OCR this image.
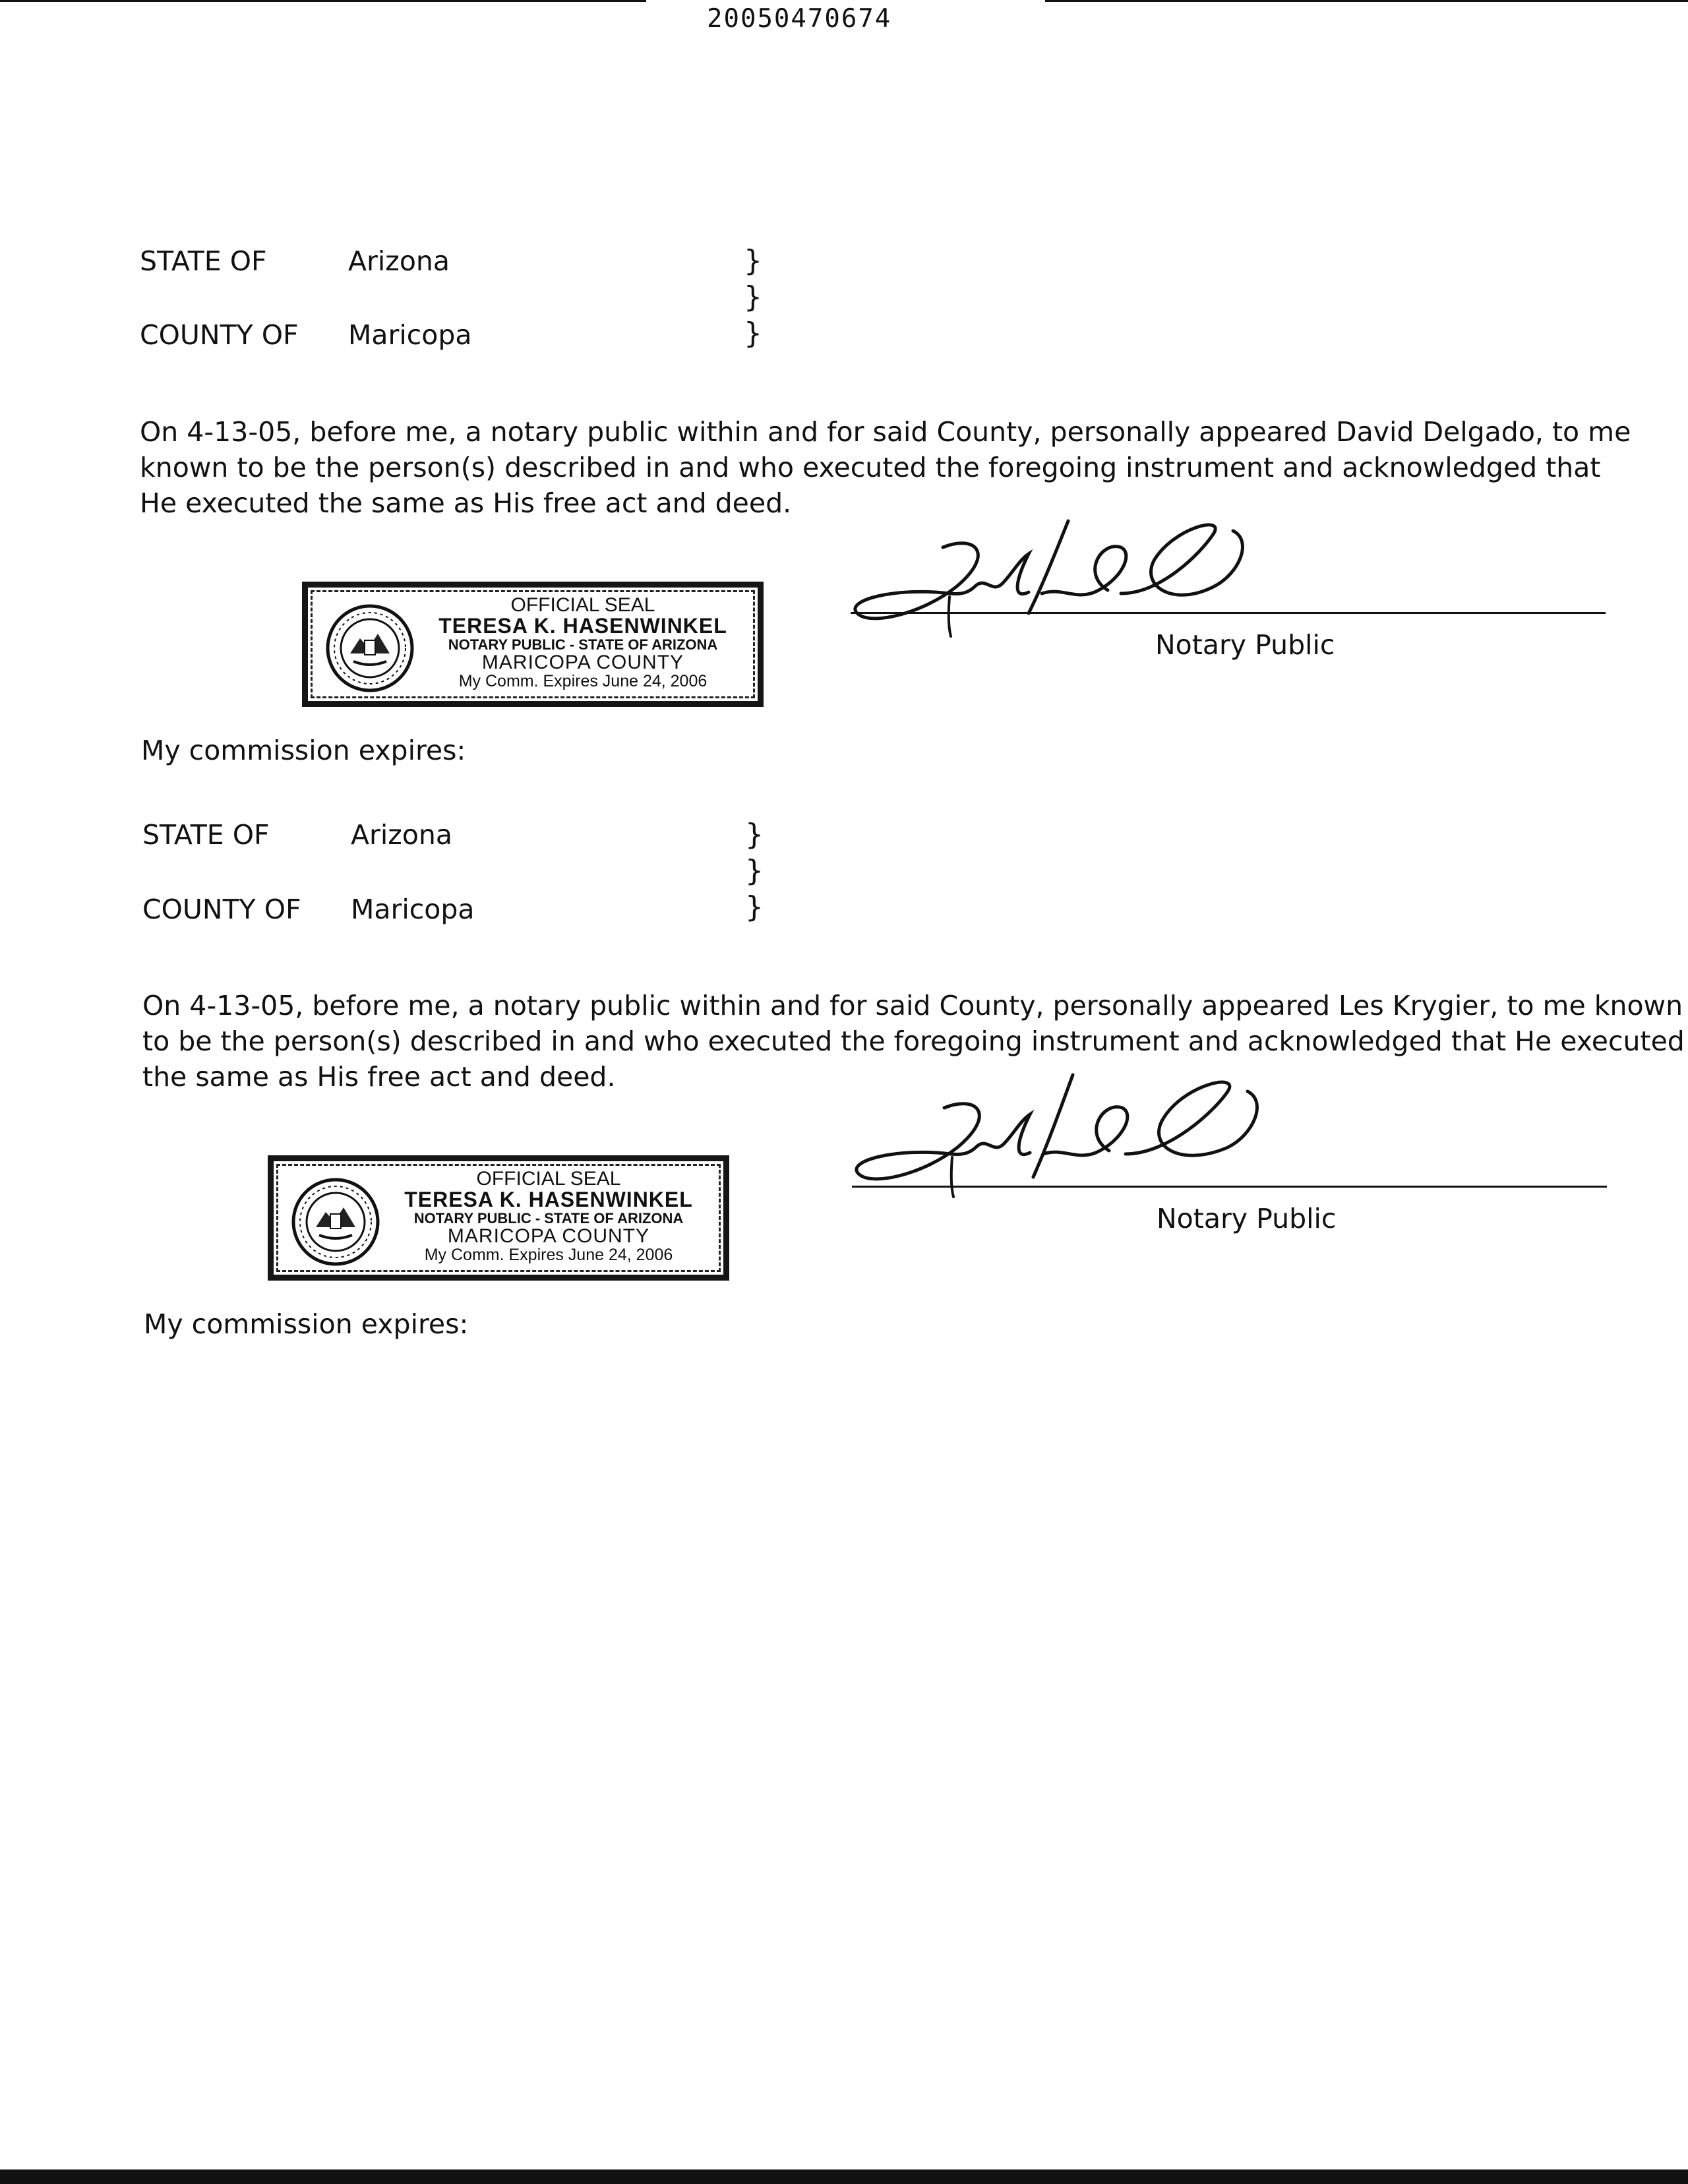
20050470674
STATE OF	Arizona
COUNTY OF Maricopa
}
}
}
On 4-13-05, before me, a notary public within and for said County, personally appeared David Delgado, to me
known to be the person(s) described in and who executed the foregoing instrument and acknowledged that
He executed the same as His free act and deed.
OFFICIAL SEAL
TERESA K. HASENWINKEL
NOTARY PUBLIC - STATE OF ARIZONA
MARICOPA COUNTY
My Comm. Expires June 24, 2006
Notary Public
My commission expires:
STATE OF	Arizona
COUNTY OF Maricopa
}
}
}
On 4-13-05, before me, a notary public within and for said County, personally appeared Les Krygier, to me known
to be the person(s) described in and who executed the foregoing instrument and acknowledged that He executed
the same as His free act and deed.
OFFICIAL SEAL
TERESA K. HASENWINKEL
NOTARY PUBLIC - STATE OF ARIZONA
MARICOPA COUNTY
My Comm. Expires June 24, 2006
Notary Public
My commission expires:
